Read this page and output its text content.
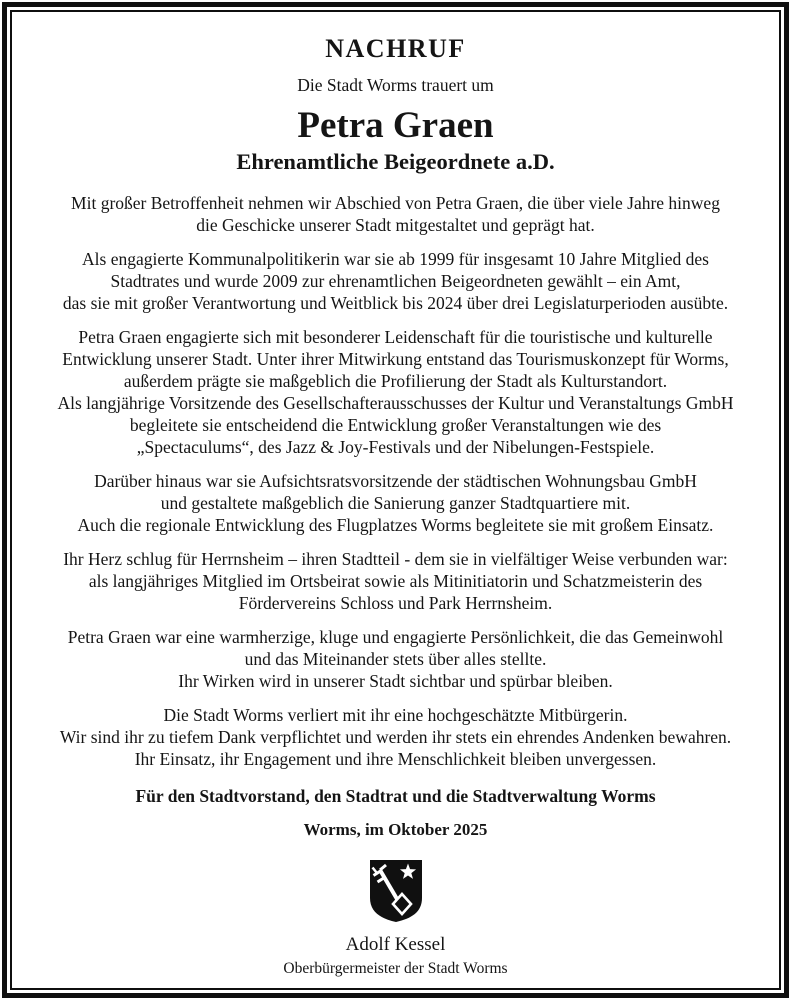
NACHRUF
Die Stadt Worms trauert um
Petra Graen
Ehrenamtliche Beigeordnete a.D.
Mit großer Betroffenheit nehmen wir Abschied von Petra Graen, die über viele Jahre hinweg
die Geschicke unserer Stadt mitgestaltet und geprägt hat.
Als engagierte Kommunalpolitikerin war sie ab 1999 für insgesamt 10 Jahre Mitglied des
Stadtrates und wurde 2009 zur ehrenamtlichen Beigeordneten gewählt – ein Amt,
das sie mit großer Verantwortung und Weitblick bis 2024 über drei Legislaturperioden ausübte.
Petra Graen engagierte sich mit besonderer Leidenschaft für die touristische und kulturelle
Entwicklung unserer Stadt. Unter ihrer Mitwirkung entstand das Tourismuskonzept für Worms,
außerdem prägte sie maßgeblich die Profilierung der Stadt als Kulturstandort.
Als langjährige Vorsitzende des Gesellschafterausschusses der Kultur und Veranstaltungs GmbH
begleitete sie entscheidend die Entwicklung großer Veranstaltungen wie des
„Spectaculums“, des Jazz & Joy-Festivals und der Nibelungen-Festspiele.
Darüber hinaus war sie Aufsichtsratsvorsitzende der städtischen Wohnungsbau GmbH
und gestaltete maßgeblich die Sanierung ganzer Stadtquartiere mit.
Auch die regionale Entwicklung des Flugplatzes Worms begleitete sie mit großem Einsatz.
Ihr Herz schlug für Herrnsheim – ihren Stadtteil - dem sie in vielfältiger Weise verbunden war:
als langjähriges Mitglied im Ortsbeirat sowie als Mitinitiatorin und Schatzmeisterin des
Fördervereins Schloss und Park Herrnsheim.
Petra Graen war eine warmherzige, kluge und engagierte Persönlichkeit, die das Gemeinwohl
und das Miteinander stets über alles stellte.
Ihr Wirken wird in unserer Stadt sichtbar und spürbar bleiben.
Die Stadt Worms verliert mit ihr eine hochgeschätzte Mitbürgerin.
Wir sind ihr zu tiefem Dank verpflichtet und werden ihr stets ein ehrendes Andenken bewahren.
Ihr Einsatz, ihr Engagement und ihre Menschlichkeit bleiben unvergessen.
Für den Stadtvorstand, den Stadtrat und die Stadtverwaltung Worms
Worms, im Oktober 2025
Adolf Kessel
Oberbürgermeister der Stadt Worms
